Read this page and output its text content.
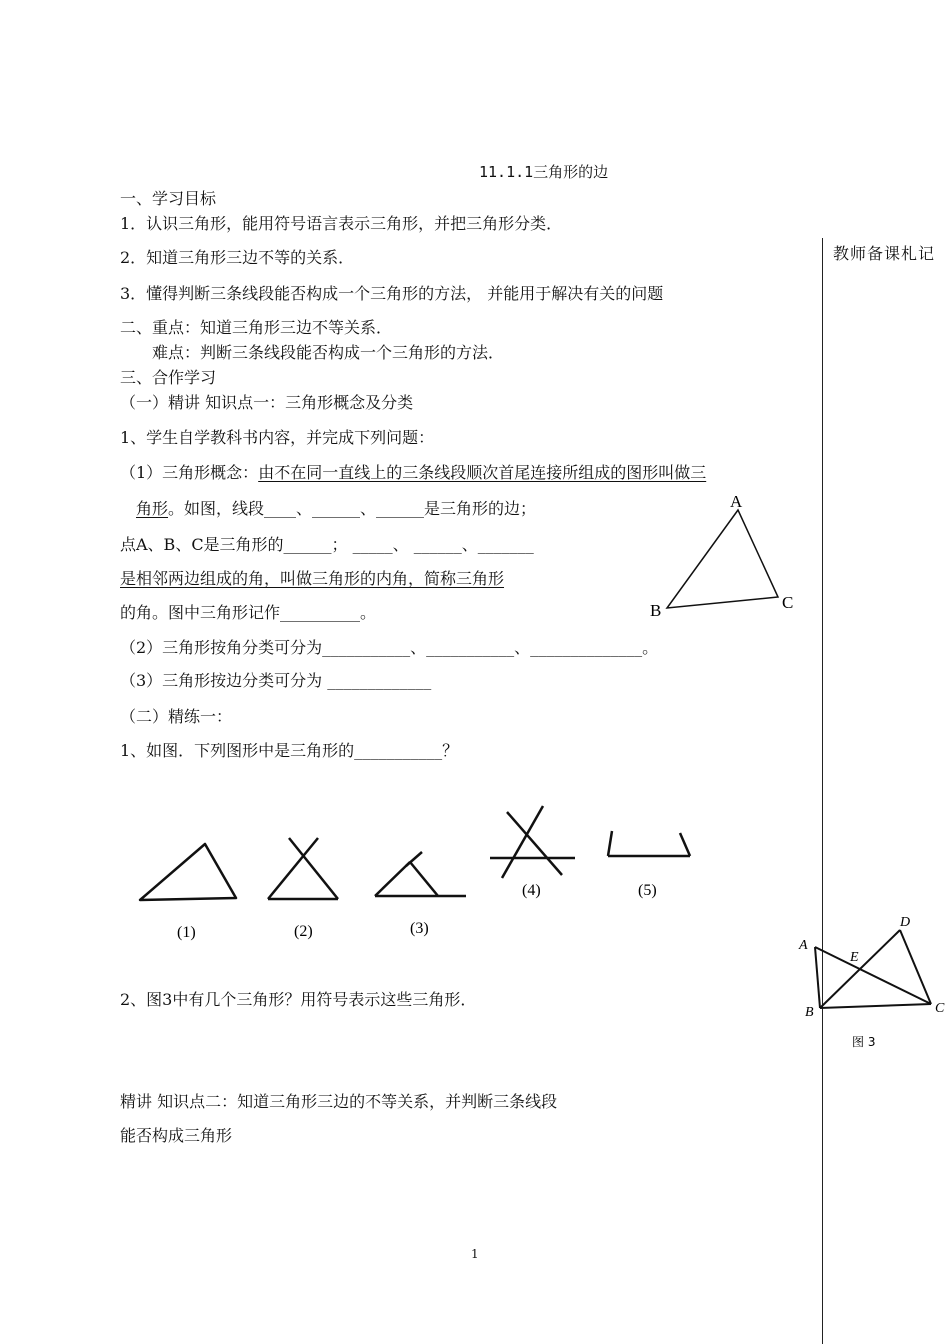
11.1.1三角形的边
教师备课札记
一、学习目标
1．认识三角形，能用符号语言表示三角形，并把三角形分类．
2．知道三角形三边不等的关系．
3．懂得判断三条线段能否构成一个三角形的方法， 并能用于解决有关的问题
二、重点：知道三角形三边不等关系．
难点：判断三条线段能否构成一个三角形的方法．
三、合作学习
（一）精讲 知识点一：三角形概念及分类
1、学生自学教科书内容，并完成下列问题：
（1）三角形概念：由不在同一直线上的三条线段顺次首尾连接所组成的图形叫做三
角形。如图，线段____、______、______是三角形的边；
点A、B、C是三角形的______； _____、 ______、_______
是相邻两边组成的角，叫做三角形的内角，简称三角形
的角。图中三角形记作__________。
（2）三角形按角分类可分为___________、___________、______________。
（3）三角形按边分类可分为 _____________
（二）精练一：
1、如图．下列图形中是三角形的___________？
2、图3中有几个三角形？用符号表示这些三角形．
精讲 知识点二：知道三角形三边的不等关系，并判断三条线段
能否构成三角形
A
B	C
(1)	(2)	(3)
(4)	(5)
A
B	C
D
E
图 3
1
